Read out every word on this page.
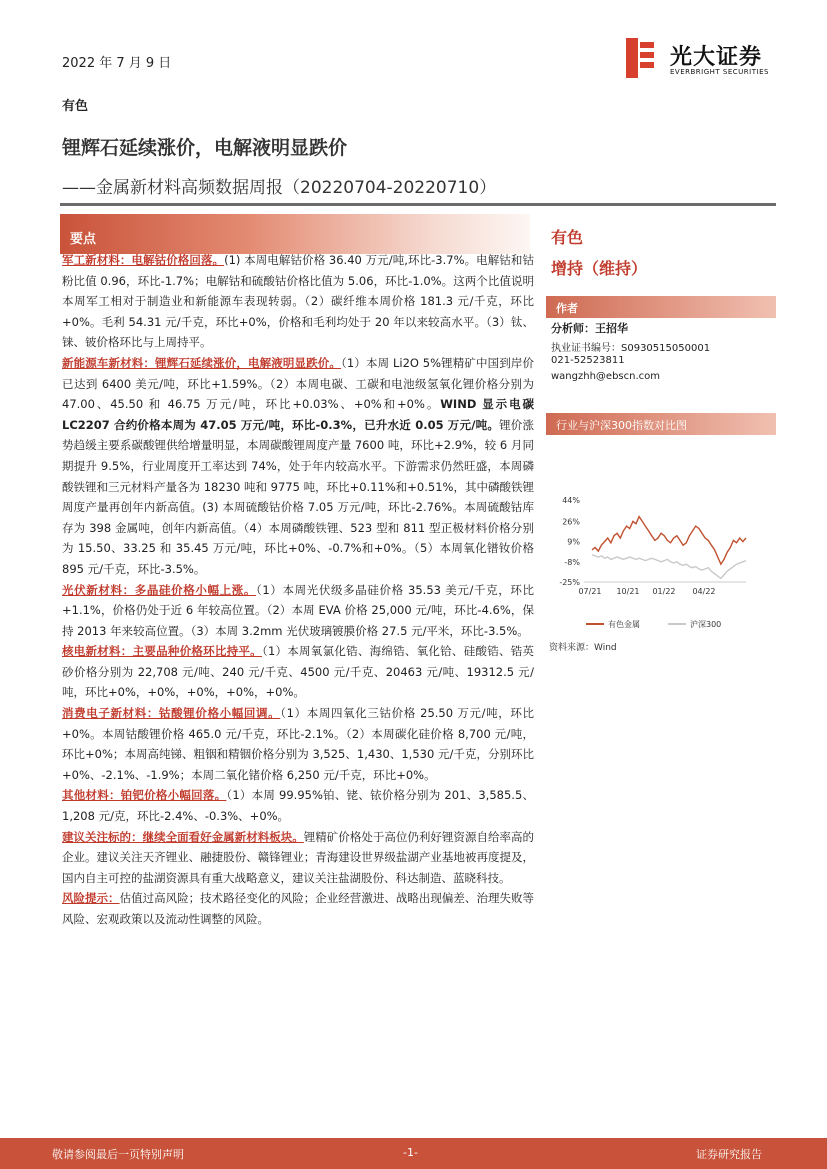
2022 年 7 月 9 日	光大证券
EVERBRIGHT SECURITIES
有色
锂辉石延续涨价，电解液明显跌价
——金属新材料高频数据周报（20220704-20220710）
要点

军工新材料：电解钴价格回落。(1) 本周电解钴价格 36.40 万元/吨,环比-3.7%。电解钴和钴粉比值 0.96，环比-1.7%；电解钴和硫酸钴价格比值为 5.06，环比-1.0%。这两个比值说明本周军工相对于制造业和新能源车表现转弱。（2）碳纤维本周价格 181.3 元/千克，环比+0%。毛利 54.31 元/千克，环比+0%，价格和毛利均处于 20 年以来较高水平。（3）钛、铼、铍价格环比与上周持平。

新能源车新材料：锂辉石延续涨价，电解液明显跌价。（1）本周 Li2O 5%锂精矿中国到岸价已达到 6400 美元/吨，环比+1.59%。（2）本周电碳、工碳和电池级氢氧化锂价格分别为 47.00、45.50 和 46.75 万元/吨，环比+0.03%、+0%和+0%。WIND 显示电碳 LC2207 合约价格本周为 47.05 万元/吨，环比-0.3%，已升水近 0.05 万元/吨。锂价涨势趋缓主要系碳酸锂供给增量明显，本周碳酸锂周度产量 7600 吨，环比+2.9%，较 6 月同期提升 9.5%，行业周度开工率达到 74%，处于年内较高水平。下游需求仍然旺盛，本周磷酸铁锂和三元材料产量各为 18230 吨和 9775 吨，环比+0.11%和+0.51%，其中磷酸铁锂周度产量再创年内新高值。(3) 本周硫酸钴价格 7.05 万元/吨，环比-2.76%。本周硫酸钴库存为 398 金属吨，创年内新高值。（4）本周磷酸铁锂、523 型和 811 型正极材料价格分别为 15.50、33.25 和 35.45 万元/吨，环比+0%、-0.7%和+0%。（5）本周氧化镨钕价格 895 元/千克，环比-3.5%。

光伏新材料：多晶硅价格小幅上涨。（1）本周光伏级多晶硅价格 35.53 美元/千克，环比+1.1%，价格仍处于近 6 年较高位置。（2）本周 EVA 价格 25,000 元/吨，环比-4.6%，保持 2013 年来较高位置。（3）本周 3.2mm 光伏玻璃镀膜价格 27.5 元/平米，环比-3.5%。

核电新材料：主要品种价格环比持平。（1）本周氧氯化锆、海绵锆、氧化铪、硅酸锆、锆英砂价格分别为 22,708 元/吨、240 元/千克、4500 元/千克、20463 元/吨、19312.5 元/吨，环比+0%，+0%，+0%，+0%，+0%。

消费电子新材料：钴酸锂价格小幅回调。（1）本周四氧化三钴价格 25.50 万元/吨，环比+0%。本周钴酸锂价格 465.0 元/千克，环比-2.1%。（2）本周碳化硅价格 8,700 元/吨，环比+0%；本周高纯锑、粗铟和精铟价格分别为 3,525、1,430、1,530 元/千克，分别环比+0%、-2.1%、-1.9%；本周二氧化锗价格 6,250 元/千克，环比+0%。

其他材料：铂钯价格小幅回落。（1）本周 99.95%铂、铑、铱价格分别为 201、3,585.5、1,208 元/克，环比-2.4%、-0.3%、+0%。

建议关注标的：继续全面看好金属新材料板块。锂精矿价格处于高位仍利好锂资源自给率高的企业。建议关注天齐锂业、融捷股份、赣锋锂业；青海建设世界级盐湖产业基地被再度提及，国内自主可控的盐湖资源具有重大战略意义，建议关注盐湖股份、科达制造、蓝晓科技。

风险提示：估值过高风险；技术路径变化的风险；企业经营激进、战略出现偏差、治理失败等风险、宏观政策以及流动性调整的风险。

有色
增持（维持）
作者
分析师：王招华
执业证书编号：S0930515050001
021-52523811
wangzhh@ebscn.com
行业与沪深300指数对比图
44%
26%
9%
-8%
-25%
07/21 10/21 01/22 04/22
有色金属	沪深300
资料来源：Wind
敬请参阅最后一页特别声明	-1-	证券研究报告
